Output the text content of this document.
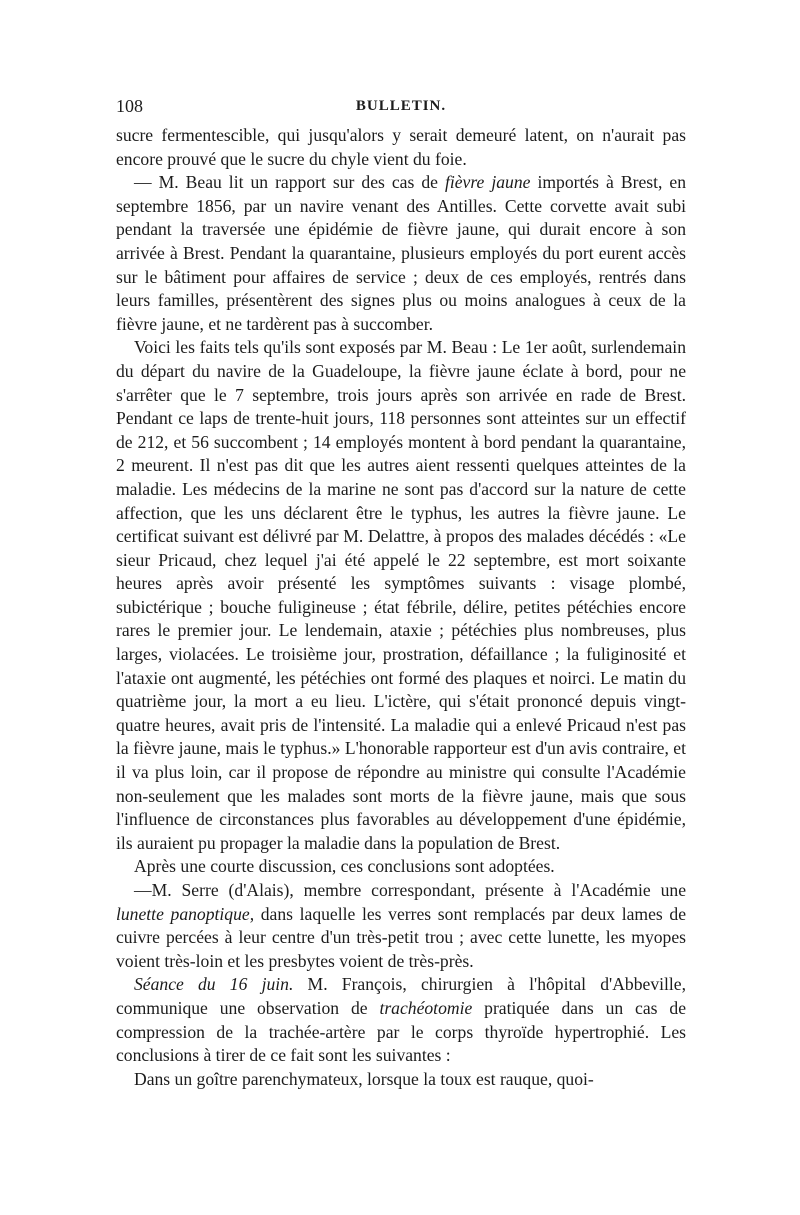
108	BULLETIN.

sucre fermentescible, qui jusqu'alors y serait demeuré latent, on n'aurait pas encore prouvé que le sucre du chyle vient du foie.

— M. Beau lit un rapport sur des cas de fièvre jaune importés à Brest, en septembre 1856, par un navire venant des Antilles. Cette corvette avait subi pendant la traversée une épidémie de fièvre jaune, qui durait encore à son arrivée à Brest. Pendant la quarantaine, plusieurs employés du port eurent accès sur le bâtiment pour affaires de service ; deux de ces employés, rentrés dans leurs familles, présentèrent des signes plus ou moins analogues à ceux de la fièvre jaune, et ne tardèrent pas à succomber.

Voici les faits tels qu'ils sont exposés par M. Beau : Le 1er août, surlendemain du départ du navire de la Guadeloupe, la fièvre jaune éclate à bord, pour ne s'arrêter que le 7 septembre, trois jours après son arrivée en rade de Brest. Pendant ce laps de trente-huit jours, 118 personnes sont atteintes sur un effectif de 212, et 56 succombent ; 14 employés montent à bord pendant la quarantaine, 2 meurent. Il n'est pas dit que les autres aient ressenti quelques atteintes de la maladie. Les médecins de la marine ne sont pas d'accord sur la nature de cette affection, que les uns déclarent être le typhus, les autres la fièvre jaune. Le certificat suivant est délivré par M. Delattre, à propos des malades décédés : «Le sieur Pricaud, chez lequel j'ai été appelé le 22 septembre, est mort soixante heures après avoir présenté les symptômes suivants : visage plombé, subictérique ; bouche fuligineuse ; état fébrile, délire, petites pétéchies encore rares le premier jour. Le lendemain, ataxie ; pétéchies plus nombreuses, plus larges, violacées. Le troisième jour, prostration, défaillance ; la fuliginosité et l'ataxie ont augmenté, les pétéchies ont formé des plaques et noirci. Le matin du quatrième jour, la mort a eu lieu. L'ictère, qui s'était prononcé depuis vingt-quatre heures, avait pris de l'intensité. La maladie qui a enlevé Pricaud n'est pas la fièvre jaune, mais le typhus.» L'honorable rapporteur est d'un avis contraire, et il va plus loin, car il propose de répondre au ministre qui consulte l'Académie non-seulement que les malades sont morts de la fièvre jaune, mais que sous l'influence de circonstances plus favorables au développement d'une épidémie, ils auraient pu propager la maladie dans la population de Brest.

Après une courte discussion, ces conclusions sont adoptées.

—M. Serre (d'Alais), membre correspondant, présente à l'Académie une lunette panoptique, dans laquelle les verres sont remplacés par deux lames de cuivre percées à leur centre d'un très-petit trou ; avec cette lunette, les myopes voient très-loin et les presbytes voient de très-près.

Séance du 16 juin. M. François, chirurgien à l'hôpital d'Abbeville, communique une observation de trachéotomie pratiquée dans un cas de compression de la trachée-artère par le corps thyroïde hypertrophié. Les conclusions à tirer de ce fait sont les suivantes :

Dans un goître parenchymateux, lorsque la toux est rauque, quoi-
